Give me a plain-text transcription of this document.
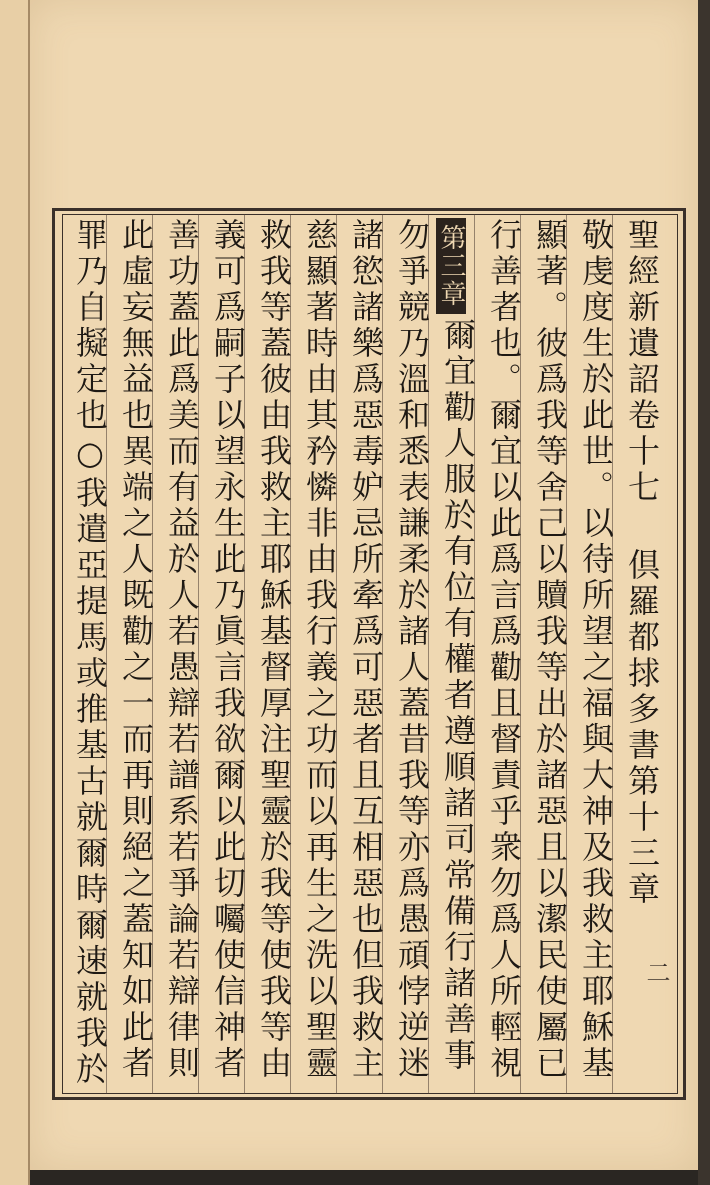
聖經新遺詔卷十七 倶羅都捄多書第十三章
敬虔度生於此世。以待所望之福與大神及我救主耶穌基
顯著。彼爲我等舍己以贖我等出於諸惡且以潔民使屬已
行善者也。爾宜以此爲言爲勸且督責乎衆勿爲人所輕視
爾宜勸人服於有位有權者遵順諸司常備行諸善事
勿爭競乃溫和悉表謙柔於諸人蓋昔我等亦爲愚頑悖逆迷
諸慾諸樂爲惡毒妒忌所牽爲可惡者且互相惡也但我救主
慈顯著時由其矜憐非由我行義之功而以再生之洗以聖靈
救我等蓋彼由我救主耶穌基督厚注聖靈於我等使我等由
義可爲嗣子以望永生此乃眞言我欲爾以此切囑使信神者
善功蓋此爲美而有益於人若愚辯若譜系若爭論若辯律則
此虛妄無益也異端之人既勸之一而再則絕之蓋知如此者
罪乃自擬定也○我遣亞提馬或推基古就爾時爾速就我於
第三章
二
